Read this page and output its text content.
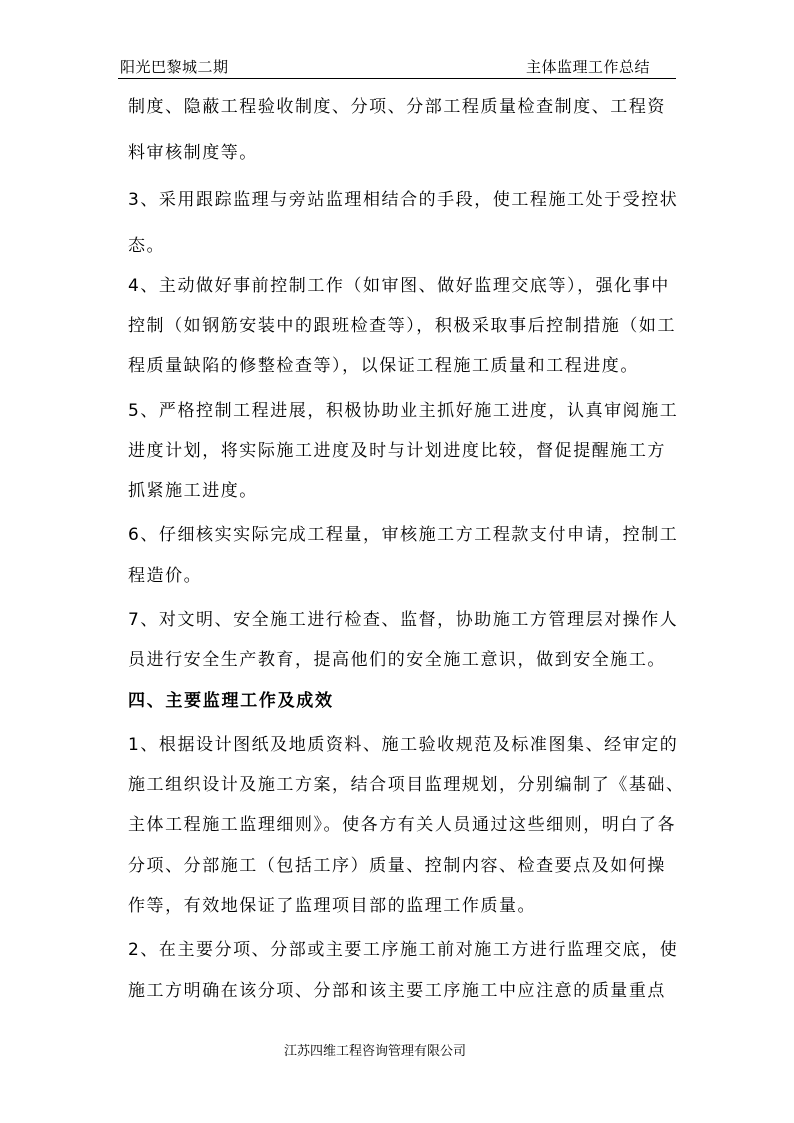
阳光巴黎城二期	主体监理工作总结
制度、隐蔽工程验收制度、分项、分部工程质量检查制度、工程资
料审核制度等。
3、采用跟踪监理与旁站监理相结合的手段，使工程施工处于受控状
态。
4、主动做好事前控制工作（如审图、做好监理交底等），强化事中
控制（如钢筋安装中的跟班检查等），积极采取事后控制措施（如工
程质量缺陷的修整检查等），以保证工程施工质量和工程进度。
5、严格控制工程进展，积极协助业主抓好施工进度，认真审阅施工
进度计划，将实际施工进度及时与计划进度比较，督促提醒施工方
抓紧施工进度。
6、仔细核实实际完成工程量，审核施工方工程款支付申请，控制工
程造价。
7、对文明、安全施工进行检查、监督，协助施工方管理层对操作人
员进行安全生产教育，提高他们的安全施工意识，做到安全施工。
四、主要监理工作及成效
1、根据设计图纸及地质资料、施工验收规范及标准图集、经审定的
施工组织设计及施工方案，结合项目监理规划，分别编制了《基础、
主体工程施工监理细则》。使各方有关人员通过这些细则，明白了各
分项、分部施工（包括工序）质量、控制内容、检查要点及如何操
作等，有效地保证了监理项目部的监理工作质量。
2、在主要分项、分部或主要工序施工前对施工方进行监理交底，使
施工方明确在该分项、分部和该主要工序施工中应注意的质量重点
江苏四维工程咨询管理有限公司
